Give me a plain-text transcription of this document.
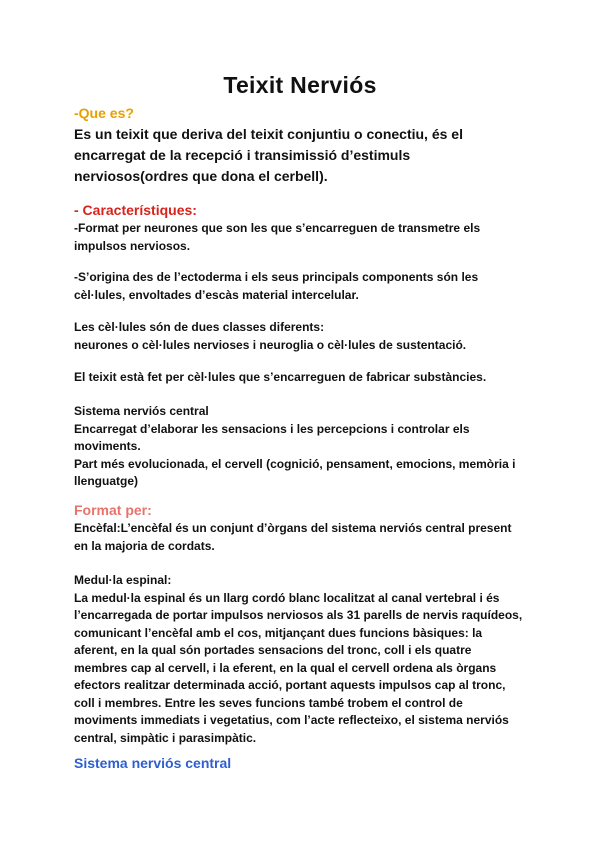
Teixit Nerviós
-Que es?
Es un teixit que deriva del teixit conjuntiu o conectiu, és el
encarregat de la recepció i transimissió d’estimuls
nerviosos(ordres que dona el cerbell).
- Característiques:
-Format per neurones que son les que s’encarreguen de transmetre els
impulsos nerviosos.
-S’origina des de l’ectoderma i els seus principals components són les
cèl·lules, envoltades d’escàs material intercelular.
Les cèl·lules són de dues classes diferents:
neurones o cèl·lules nervioses i neuroglia o cèl·lules de sustentació.
El teixit està fet per cèl·lules que s’encarreguen de fabricar substàncies.
Sistema nerviós central
Encarregat d’elaborar les sensacions i les percepcions i controlar els
moviments.
Part més evolucionada, el cervell (cognició, pensament, emocions, memòria i
llenguatge)
Format per:
Encèfal:L’encèfal és un conjunt d’òrgans del sistema nerviós central present
en la majoria de cordats.
Medul·la espinal:
La medul·la espinal és un llarg cordó blanc localitzat al canal vertebral i és
l’encarregada de portar impulsos nerviosos als 31 parells de nervis raquídeos,
comunicant l’encèfal amb el cos, mitjançant dues funcions bàsiques: la
aferent, en la qual són portades sensacions del tronc, coll i els quatre
membres cap al cervell, i la eferent, en la qual el cervell ordena als òrgans
efectors realitzar determinada acció, portant aquests impulsos cap al tronc,
coll i membres. Entre les seves funcions també trobem el control de
moviments immediats i vegetatius, com l’acte reflecteixo, el sistema nerviós
central, simpàtic i parasimpàtic.
Sistema nerviós central
